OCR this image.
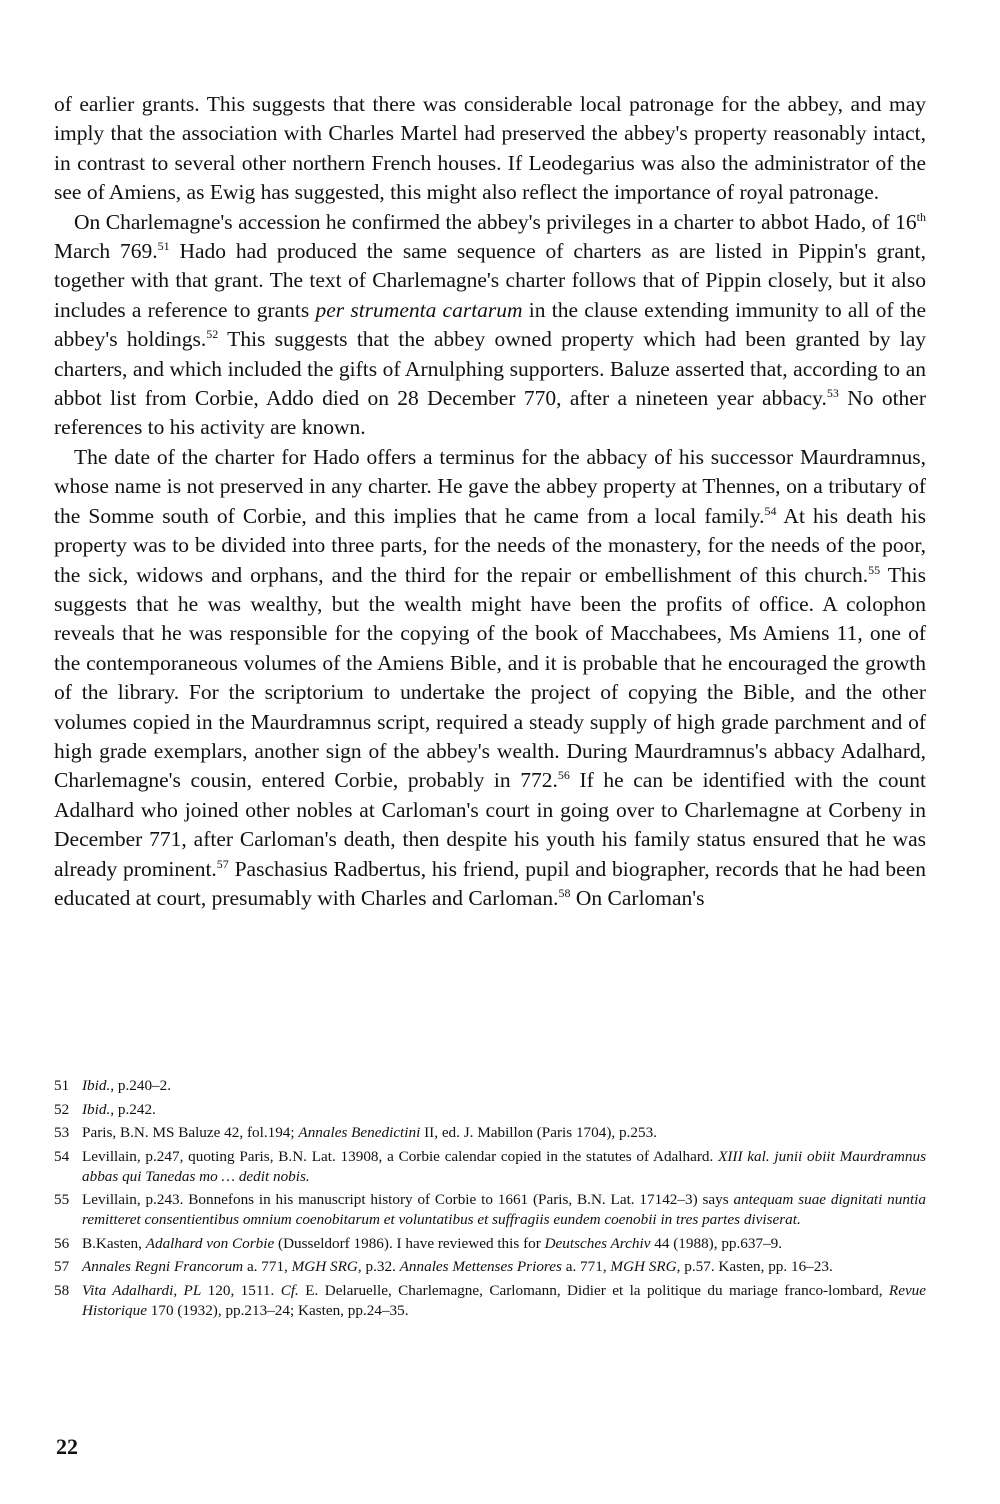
of earlier grants. This suggests that there was considerable local patronage for the abbey, and may imply that the association with Charles Martel had preserved the abbey's property reasonably intact, in contrast to several other northern French houses. If Leodegarius was also the administrator of the see of Amiens, as Ewig has suggested, this might also reflect the importance of royal patronage.

On Charlemagne's accession he confirmed the abbey's privileges in a charter to abbot Hado, of 16th March 769.51 Hado had produced the same sequence of charters as are listed in Pippin's grant, together with that grant. The text of Charlemagne's charter follows that of Pippin closely, but it also includes a reference to grants per strumenta cartarum in the clause extending immunity to all of the abbey's holdings.$^{52}$ This suggests that the abbey owned property which had been granted by lay charters, and which included the gifts of Arnulphing supporters. Baluze asserted that, according to an abbot list from Corbie, Addo died on 28 December 770, after a nineteen year abbacy.$^{53}$ No other references to his activity are known.

The date of the charter for Hado offers a terminus for the abbacy of his successor Maurdramnus, whose name is not preserved in any charter. He gave the abbey property at Thennes, on a tributary of the Somme south of Corbie, and this implies that he came from a local family.$^{54}$ At his death his property was to be divided into three parts, for the needs of the monastery, for the needs of the poor, the sick, widows and orphans, and the third for the repair or embellishment of this church.$^{55}$ This suggests that he was wealthy, but the wealth might have been the profits of office. A colophon reveals that he was responsible for the copying of the book of Macchabees, Ms Amiens 11, one of the contemporaneous volumes of the Amiens Bible, and it is probable that he encouraged the growth of the library. For the scriptorium to undertake the project of copying the Bible, and the other volumes copied in the Maurdramnus script, required a steady supply of high grade parchment and of high grade exemplars, another sign of the abbey's wealth. During Maurdramnus's abbacy Adalhard, Charlemagne's cousin, entered Corbie, probably in 772.56 If he can be identified with the count Adalhard who joined other nobles at Carloman's court in going over to Charlemagne at Corbeny in December 771, after Carloman's death, then despite his youth his family status ensured that he was already prominent.$^{57}$ Paschasius Radbertus, his friend, pupil and biographer, records that he had been educated at court, presumably with Charles and Carloman.$^{58}$ On Carloman's

51 Ibid., p.240–2.
52 Ibid., p.242.
53 Paris, B.N. MS Baluze 42, fol.194; Annales Benedictini II, ed. J. Mabillon (Paris 1704), p.253.
54 Levillain, p.247, quoting Paris, B.N. Lat. 13908, a Corbie calendar copied in the statutes of Adalhard. XIII kal. junii obiit Maurdramnus abbas qui Tanedas mo … dedit nobis.
55 Levillain, p.243. Bonnefons in his manuscript history of Corbie to 1661 (Paris, B.N. Lat. 17142–3) says antequam suae dignitati nuntia remitteret consentientibus omnium coenobitarum et voluntatibus et suffragiis eundem coenobii in tres partes diviserat.
56 B.Kasten, Adalhard von Corbie (Dusseldorf 1986). I have reviewed this for Deutsches Archiv 44 (1988), pp.637–9.
57 Annales Regni Francorum a. 771, MGH SRG, p.32. Annales Mettenses Priores a. 771, MGH SRG, p.57. Kasten, pp. 16–23.
58 Vita Adalhardi, PL 120, 1511. Cf. E. Delaruelle, Charlemagne, Carlomann, Didier et la politique du mariage franco-lombard, Revue Historique 170 (1932), pp.213–24; Kasten, pp.24–35.
22
